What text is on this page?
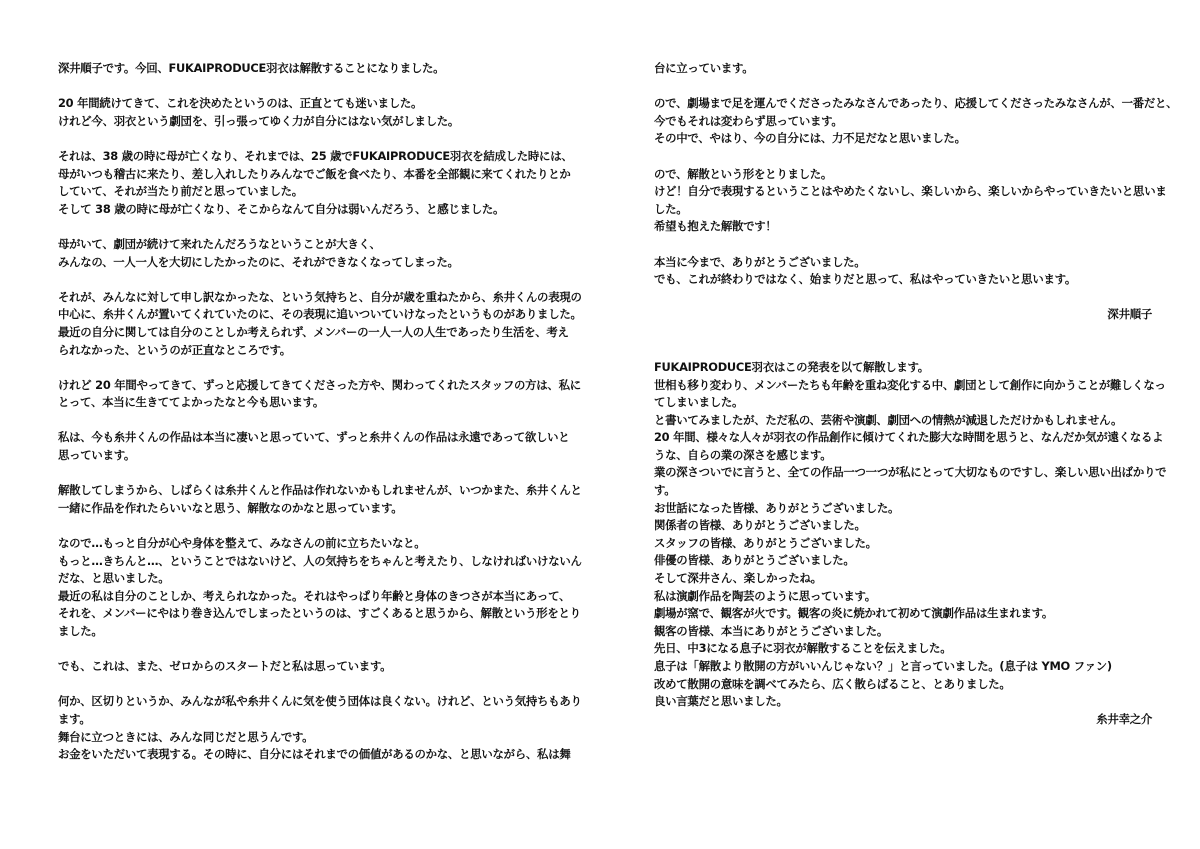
深井順子です。今回、FUKAIPRODUCE羽衣は解散することになりました。
20 年間続けてきて、これを決めたというのは、正直とても迷いました。
けれど今、羽衣という劇団を、引っ張ってゆく力が自分にはない気がしました。
それは、38 歳の時に母が亡くなり、それまでは、25 歳でFUKAIPRODUCE羽衣を結成した時には、
母がいつも稽古に来たり、差し入れしたりみんなでご飯を食べたり、本番を全部観に来てくれたりとか
していて、それが当たり前だと思っていました。
そして 38 歳の時に母が亡くなり、そこからなんて自分は弱いんだろう、と感じました。
母がいて、劇団が続けて来れたんだろうなということが大きく、
みんなの、一人一人を大切にしたかったのに、それができなくなってしまった。
それが、みんなに対して申し訳なかったな、という気持ちと、自分が歳を重ねたから、糸井くんの表現の
中心に、糸井くんが置いてくれていたのに、その表現に追いついていけなったというものがありました。
最近の自分に関しては自分のことしか考えられず、メンバーの一人一人の人生であったり生活を、考え
られなかった、というのが正直なところです。
けれど 20 年間やってきて、ずっと応援してきてくださった方や、関わってくれたスタッフの方は、私に
とって、本当に生きててよかったなと今も思います。
私は、今も糸井くんの作品は本当に凄いと思っていて、ずっと糸井くんの作品は永遠であって欲しいと
思っています。
解散してしまうから、しばらくは糸井くんと作品は作れないかもしれませんが、いつかまた、糸井くんと
一緒に作品を作れたらいいなと思う、解散なのかなと思っています。
なので…もっと自分が心や身体を整えて、みなさんの前に立ちたいなと。
もっと…きちんと…、ということではないけど、人の気持ちをちゃんと考えたり、しなければいけないん
だな、と思いました。
最近の私は自分のことしか、考えられなかった。それはやっぱり年齢と身体のきつさが本当にあって、
それを、メンバーにやはり巻き込んでしまったというのは、すごくあると思うから、解散という形をとり
ました。
でも、これは、また、ゼロからのスタートだと私は思っています。
何か、区切りというか、みんなが私や糸井くんに気を使う団体は良くない。けれど、という気持ちもあり
ます。
舞台に立つときには、みんな同じだと思うんです。
お金をいただいて表現する。その時に、自分にはそれまでの価値があるのかな、と思いながら、私は舞
台に立っています。
ので、劇場まで足を運んでくださったみなさんであったり、応援してくださったみなさんが、一番だと、
今でもそれは変わらず思っています。
その中で、やはり、今の自分には、力不足だなと思いました。
ので、解散という形をとりました。
けど！自分で表現するということはやめたくないし、楽しいから、楽しいからやっていきたいと思いま
した。
希望も抱えた解散です！
本当に今まで、ありがとうございました。
でも、これが終わりではなく、始まりだと思って、私はやっていきたいと思います。
深井順子
FUKAIPRODUCE羽衣はこの発表を以て解散します。
世相も移り変わり、メンバーたちも年齢を重ね変化する中、劇団として創作に向かうことが難しくなっ
てしまいました。
と書いてみましたが、ただ私の、芸術や演劇、劇団への情熱が減退しただけかもしれません。
20 年間、様々な人々が羽衣の作品創作に傾けてくれた膨大な時間を思うと、なんだか気が遠くなるよ
うな、自らの業の深さを感じます。
業の深さついでに言うと、全ての作品一つ一つが私にとって大切なものですし、楽しい思い出ばかりで
す。
お世話になった皆様、ありがとうございました。
関係者の皆様、ありがとうございました。
スタッフの皆様、ありがとうございました。
俳優の皆様、ありがとうございました。
そして深井さん、楽しかったね。
私は演劇作品を陶芸のように思っています。
劇場が窯で、観客が火です。観客の炎に焼かれて初めて演劇作品は生まれます。
観客の皆様、本当にありがとうございました。
先日、中3になる息子に羽衣が解散することを伝えました。
息子は「解散より散開の方がいいんじゃない？」と言っていました。(息子は YMO ファン)
改めて散開の意味を調べてみたら、広く散らばること、とありました。
良い言葉だと思いました。
糸井幸之介
